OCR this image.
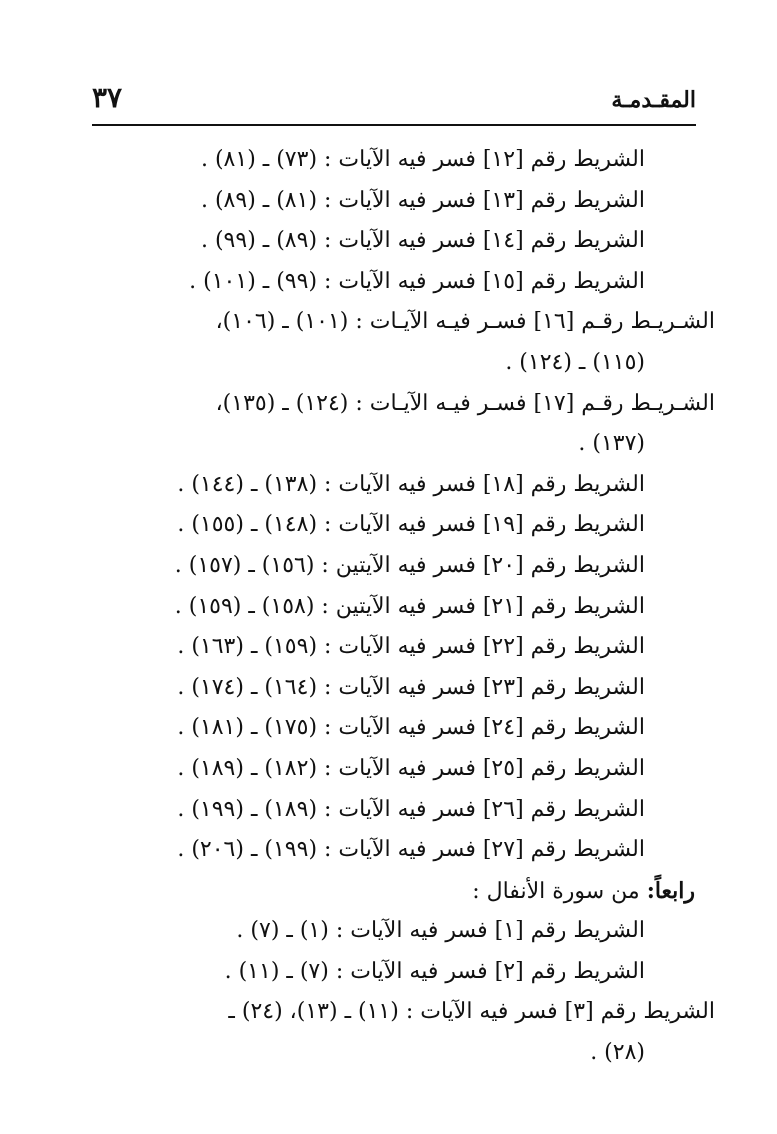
٣٧	المقـدمـة
الشريط رقم [١٢] فسر فيه الآيات : (٧٣) ـ (٨١) .
الشريط رقم [١٣] فسر فيه الآيات : (٨١) ـ (٨٩) .
الشريط رقم [١٤] فسر فيه الآيات : (٨٩) ـ (٩٩) .
الشريط رقم [١٥] فسر فيه الآيات : (٩٩) ـ (١٠١) .
الشـريـط رقـم [١٦] فسـر فيـه الآيـات : (١٠١) ـ (١٠٦)،
(١١٥) ـ (١٢٤) .
الشـريـط رقـم [١٧] فسـر فيـه الآيـات : (١٢٤) ـ (١٣٥)،
(١٣٧) .
الشريط رقم [١٨] فسر فيه الآيات : (١٣٨) ـ (١٤٤) .
الشريط رقم [١٩] فسر فيه الآيات : (١٤٨) ـ (١٥٥) .
الشريط رقم [٢٠] فسر فيه الآيتين : (١٥٦) ـ (١٥٧) .
الشريط رقم [٢١] فسر فيه الآيتين : (١٥٨) ـ (١٥٩) .
الشريط رقم [٢٢] فسر فيه الآيات : (١٥٩) ـ (١٦٣) .
الشريط رقم [٢٣] فسر فيه الآيات : (١٦٤) ـ (١٧٤) .
الشريط رقم [٢٤] فسر فيه الآيات : (١٧٥) ـ (١٨١) .
الشريط رقم [٢٥] فسر فيه الآيات : (١٨٢) ـ (١٨٩) .
الشريط رقم [٢٦] فسر فيه الآيات : (١٨٩) ـ (١٩٩) .
الشريط رقم [٢٧] فسر فيه الآيات : (١٩٩) ـ (٢٠٦) .
رابعاً: من سورة الأنفال :
الشريط رقم [١] فسر فيه الآيات : (١) ـ (٧) .
الشريط رقم [٢] فسر فيه الآيات : (٧) ـ (١١) .
الشريط رقم [٣] فسر فيه الآيات : (١١) ـ (١٣)، (٢٤) ـ
(٢٨) .
